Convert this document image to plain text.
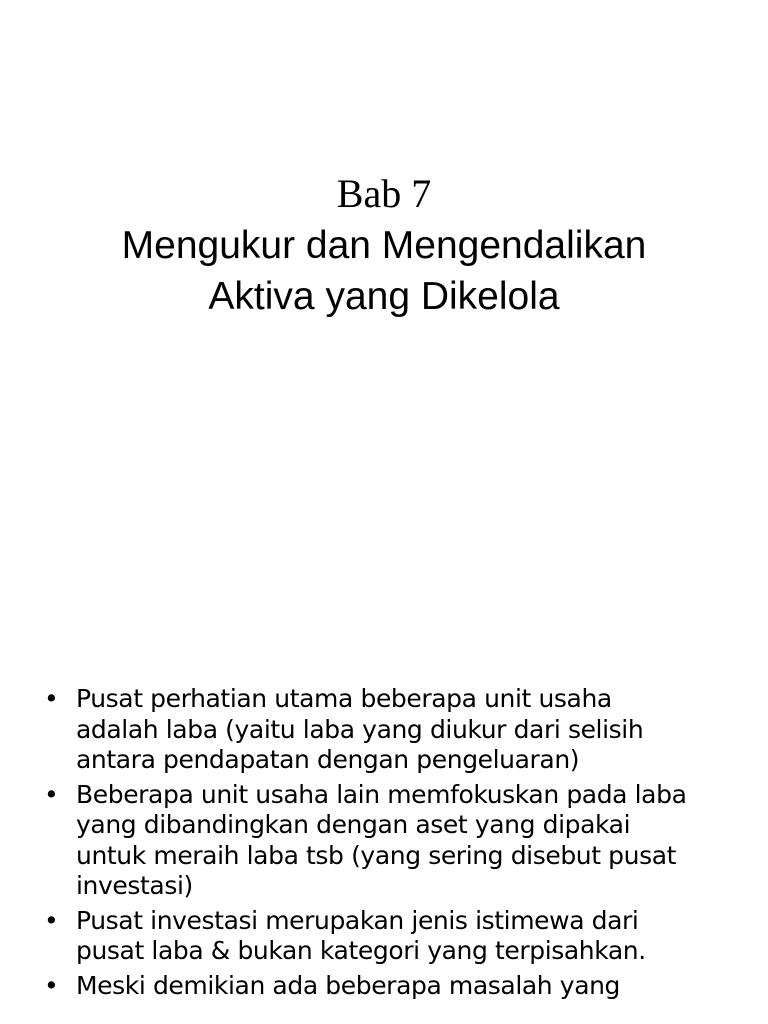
Bab 7

Mengukur dan Mengendalikan

Aktiva yang Dikelola

• Pusat perhatian utama beberapa unit usaha
adalah laba (yaitu laba yang diukur dari selisih
antara pendapatan dengan pengeluaran)
• Beberapa unit usaha lain memfokuskan pada laba
yang dibandingkan dengan aset yang dipakai
untuk meraih laba tsb (yang sering disebut pusat
investasi)
• Pusat investasi merupakan jenis istimewa dari
pusat laba & bukan kategori yang terpisahkan.
• Meski demikian ada beberapa masalah yang
